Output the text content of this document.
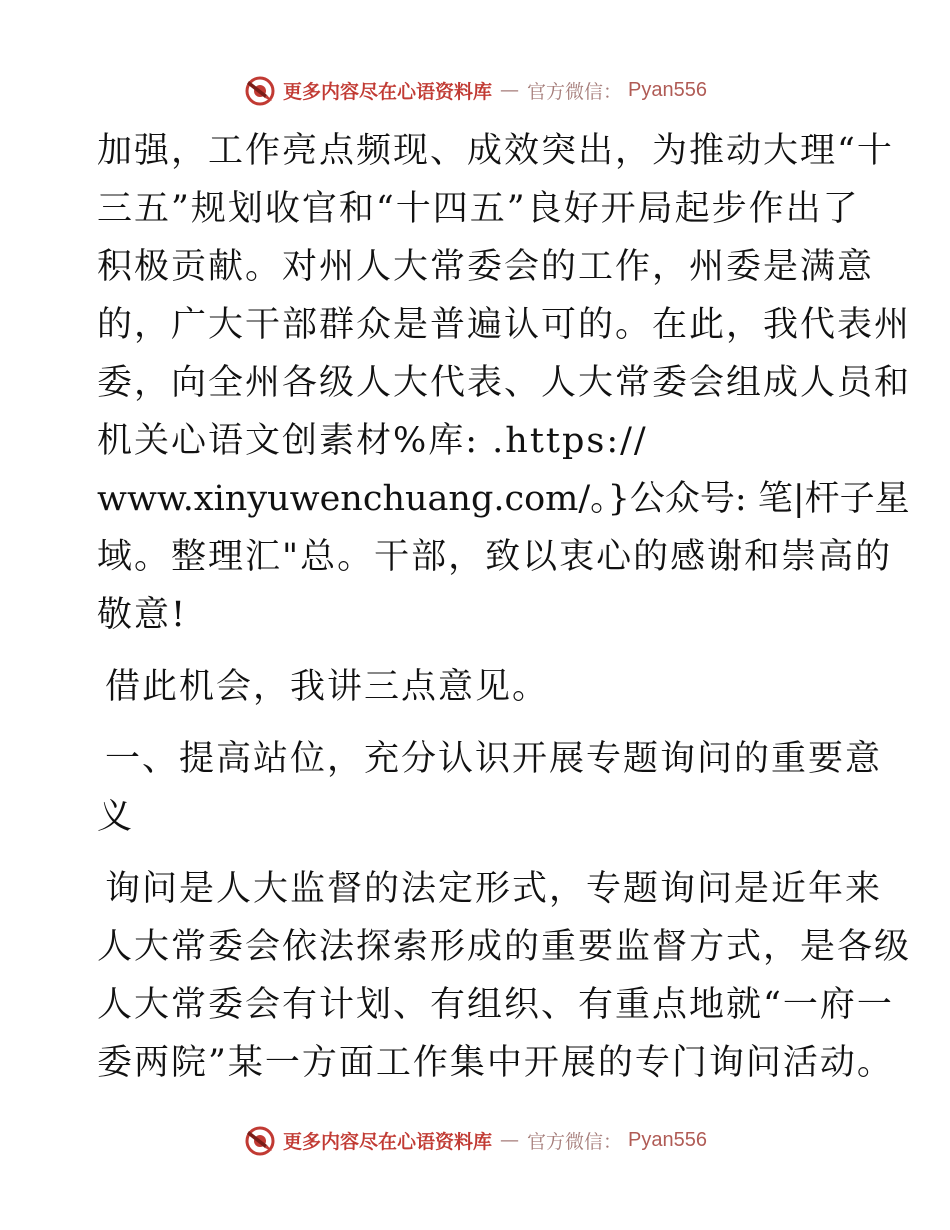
更多内容尽在心语资料库 — 官方微信： Pyan556
加强，工作亮点频现、成效突出，为推动大理“十
三五”规划收官和“十四五”良好开局起步作出了
积极贡献。对州人大常委会的工作，州委是满意
的，广大干部群众是普遍认可的。在此，我代表州
委，向全州各级人大代表、人大常委会组成人员和
机关心语文创素材%库: .https://
www.xinyuwenchuang.com/。}公众号: 笔|杆子星
域。整理汇"总。干部，致以衷心的感谢和崇高的
敬意!
借此机会，我讲三点意见。
一、提高站位，充分认识开展专题询问的重要意
义
询问是人大监督的法定形式，专题询问是近年来
人大常委会依法探索形成的重要监督方式，是各级
人大常委会有计划、有组织、有重点地就“一府一
委两院”某一方面工作集中开展的专门询问活动。
更多内容尽在心语资料库 — 官方微信： Pyan556
